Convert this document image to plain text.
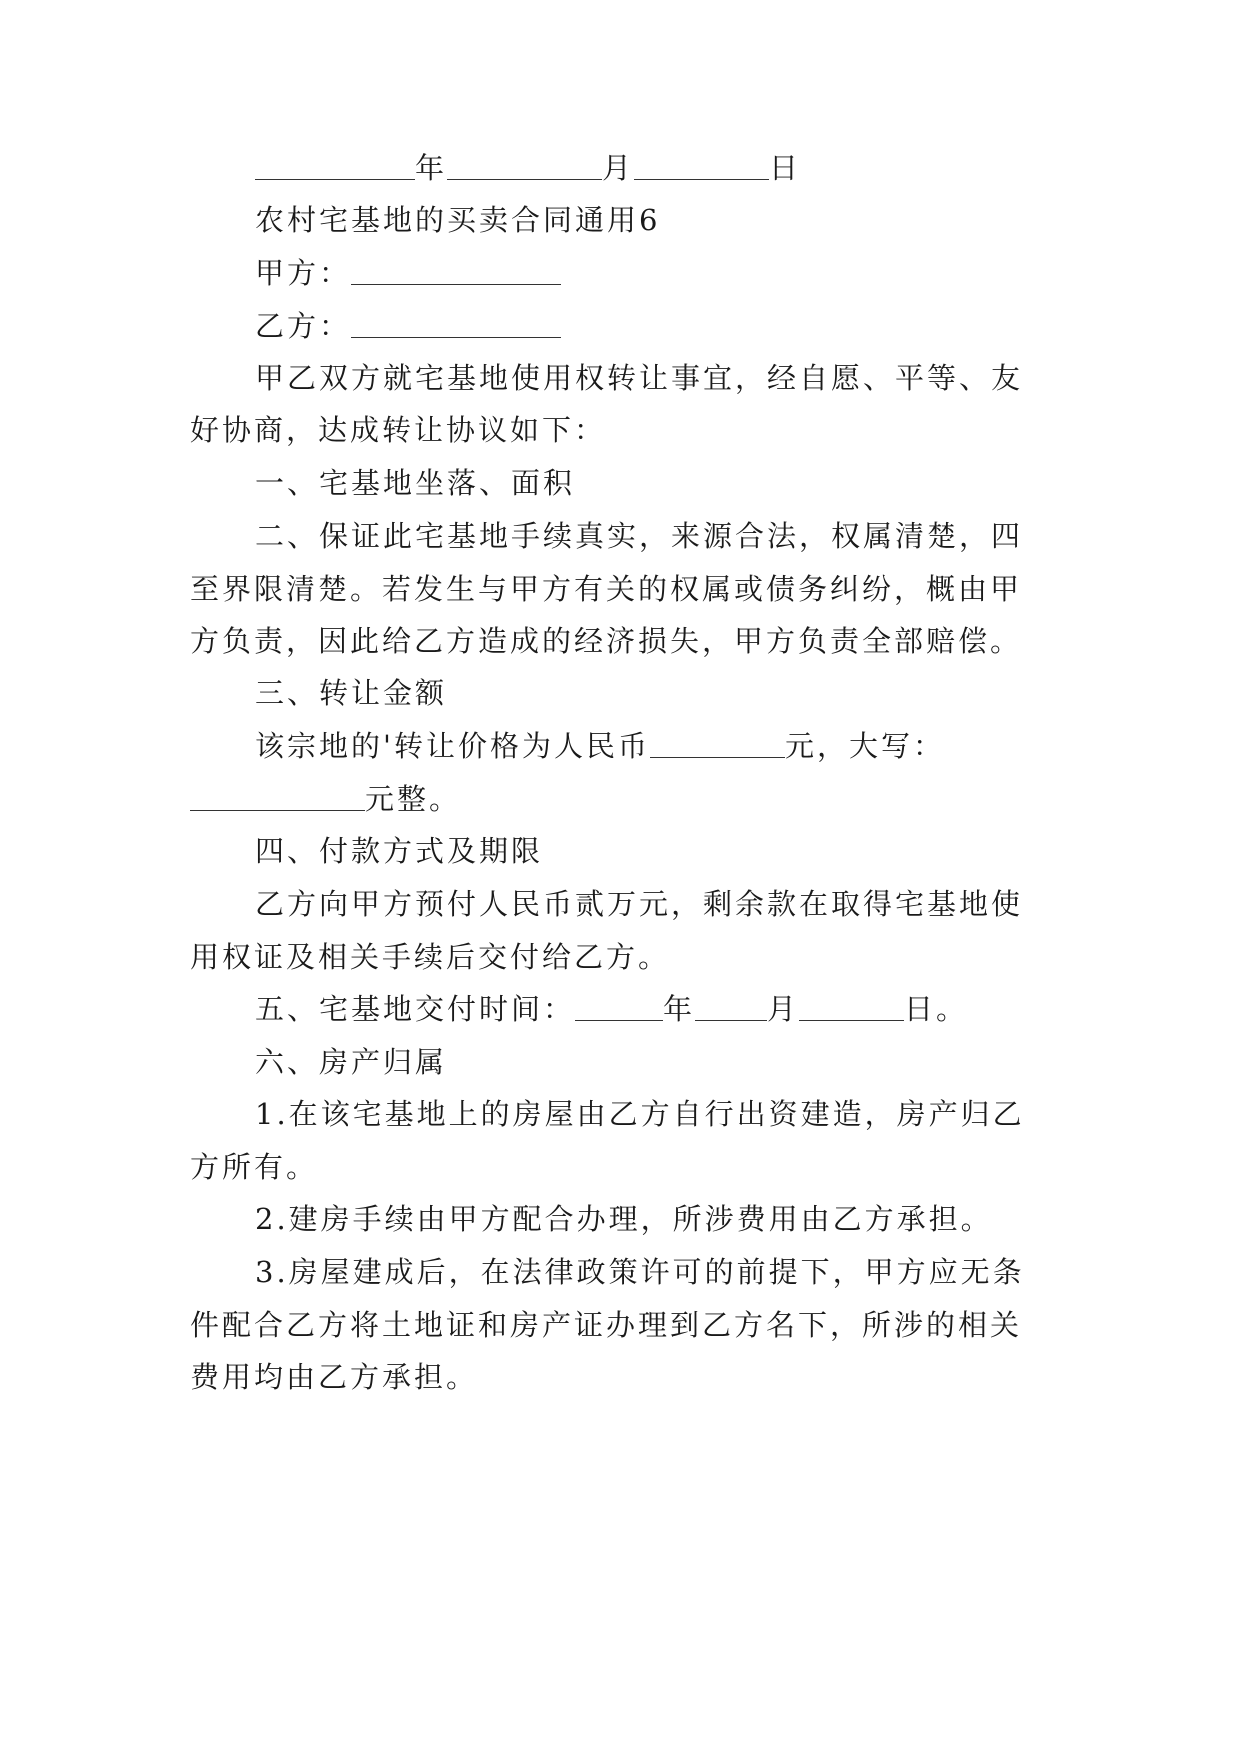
年	月	日
农村宅基地的买卖合同通用6
甲方：
乙方：
甲乙双方就宅基地使用权转让事宜，经自愿、平等、友
好协商，达成转让协议如下：
一、宅基地坐落、面积
二、保证此宅基地手续真实，来源合法，权属清楚，四
至界限清楚。若发生与甲方有关的权属或债务纠纷，概由甲
方负责，因此给乙方造成的经济损失，甲方负责全部赔偿。
三、转让金额
该宗地的'转让价格为人民币	元，大写：
元整。
四、付款方式及期限
乙方向甲方预付人民币贰万元，剩余款在取得宅基地使
用权证及相关手续后交付给乙方。
五、宅基地交付时间：	年 月	日。
六、房产归属
1.在该宅基地上的房屋由乙方自行出资建造，房产归乙
方所有。
2.建房手续由甲方配合办理，所涉费用由乙方承担。
3.房屋建成后，在法律政策许可的前提下，甲方应无条
件配合乙方将土地证和房产证办理到乙方名下，所涉的相关
费用均由乙方承担。
